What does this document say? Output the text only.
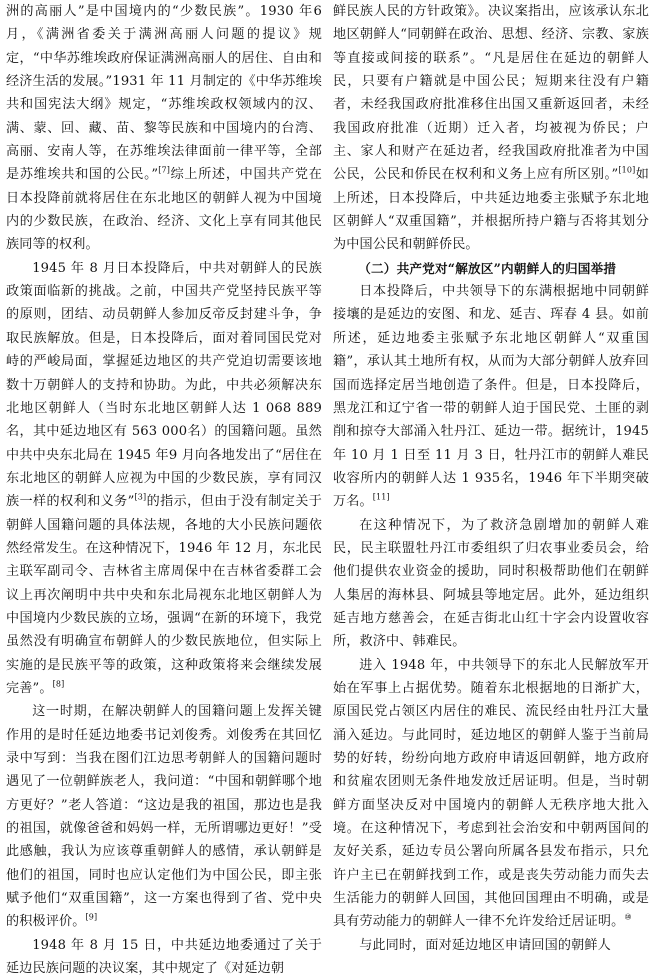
洲的高丽人”是中国境内的“少数民族”。1930 年6 月，《满洲省委关于满洲高丽人问题的提议》规定，“中华苏维埃政府保证满洲高丽人的居住、自由和经济生活的发展。”1931 年 11 月制定的《中华苏维埃共和国宪法大纲》规定，“苏维埃政权领域内的汉、满、蒙、回、藏、苗、黎等民族和中国境内的台湾、高丽、安南人等，在苏维埃法律面前一律平等，全部是苏维埃共和国的公民。”[7]综上所述，中国共产党在日本投降前就将居住在东北地区的朝鲜人视为中国境内的少数民族，在政治、经济、文化上享有同其他民族同等的权利。

1945 年 8 月日本投降后，中共对朝鲜人的民族政策面临新的挑战。之前，中国共产党坚持民族平等的原则，团结、动员朝鲜人参加反帝反封建斗争，争取民族解放。但是，日本投降后，面对着同国民党对峙的严峻局面，掌握延边地区的共产党迫切需要该地数十万朝鲜人的支持和协助。为此，中共必须解决东北地区朝鲜人（当时东北地区朝鲜人达 1 068 889 名，其中延边地区有 563 000名）的国籍问题。虽然中共中央东北局在 1945 年9 月向各地发出了“居住在东北地区的朝鲜人应视为中国的少数民族，享有同汉族一样的权利和义务”[3]的指示，但由于没有制定关于朝鲜人国籍问题的具体法规，各地的大小民族问题依然经常发生。在这种情况下，1946 年 12 月，东北民主联军副司令、吉林省主席周保中在吉林省委群工会议上再次阐明中共中央和东北局视东北地区朝鲜人为中国境内少数民族的立场，强调“在新的环境下，我党虽然没有明确宣布朝鲜人的少数民族地位，但实际上实施的是民族平等的政策，这种政策将来会继续发展完善”。[8]

这一时期，在解决朝鲜人的国籍问题上发挥关键作用的是时任延边地委书记刘俊秀。刘俊秀在其回忆录中写到：当我在图们江边思考朝鲜人的国籍问题时遇见了一位朝鲜族老人，我问道：“中国和朝鲜哪个地方更好？”老人答道：“这边是我的祖国，那边也是我的祖国，就像爸爸和妈妈一样，无所谓哪边更好！”受此感触，我认为应该尊重朝鲜人的感情，承认朝鲜是他们的祖国，同时也应认定他们为中国公民，即主张赋予他们“双重国籍”，这一方案也得到了省、党中央的积极评价。[9]

1948 年 8 月 15 日，中共延边地委通过了关于延边民族问题的决议案，其中规定了《对延边朝

鲜民族人民的方针政策》。决议案指出，应该承认东北地区朝鲜人“同朝鲜在政治、思想、经济、宗教、家族等直接或间接的联系”。“凡是居住在延边的朝鲜人民，只要有户籍就是中国公民；短期来往没有户籍者，未经我国政府批准移住出国又重新返回者，未经我国政府批准（近期）迁入者，均被视为侨民；户主、家人和财产在延边者，经我国政府批准者为中国公民，公民和侨民在权利和义务上应有所区别。”[10]如上所述，日本投降后，中共延边地委主张赋予东北地区朝鲜人“双重国籍”，并根据所持户籍与否将其划分为中国公民和朝鲜侨民。

（二）共产党对“解放区”内朝鲜人的归国举措

日本投降后，中共领导下的东满根据地中同朝鲜接壤的是延边的安图、和龙、延吉、珲春 4 县。如前所述，延边地委主张赋予东北地区朝鲜人“双重国籍”，承认其土地所有权，从而为大部分朝鲜人放弃回国而选择定居当地创造了条件。但是，日本投降后，黑龙江和辽宁省一带的朝鲜人迫于国民党、土匪的剥削和掠夺大部涌入牡丹江、延边一带。据统计，1945 年 10 月 1 日至 11 月 3 日，牡丹江市的朝鲜人难民收容所内的朝鲜人达 1 935名，1946 年下半期突破万名。[11]

在这种情况下，为了救济急剧增加的朝鲜人难民，民主联盟牡丹江市委组织了归农事业委员会，给他们提供农业资金的援助，同时积极帮助他们在朝鲜人集居的海林县、阿城县等地定居。此外，延边组织延吉地方慈善会，在延吉街北山红十字会内设置收容所，救济中、韩难民。

进入 1948 年，中共领导下的东北人民解放军开始在军事上占据优势。随着东北根据地的日渐扩大，原国民党占领区内居住的难民、流民经由牡丹江大量涌入延边。与此同时，延边地区的朝鲜人鉴于当前局势的好转，纷纷向地方政府申请返回朝鲜，地方政府和贫雇农团则无条件地发放迁居证明。但是，当时朝鲜方面坚决反对中国境内的朝鲜人无秩序地大批入境。在这种情况下，考虑到社会治安和中朝两国间的友好关系，延边专员公署向所属各县发布指示，只允许户主已在朝鲜找到工作，或是丧失劳动能力而失去生活能力的朝鲜人回国，其他回国理由不明确，或是具有劳动能力的朝鲜人一律不允许发给迁居证明。⑩

与此同时，面对延边地区申请回国的朝鲜人
